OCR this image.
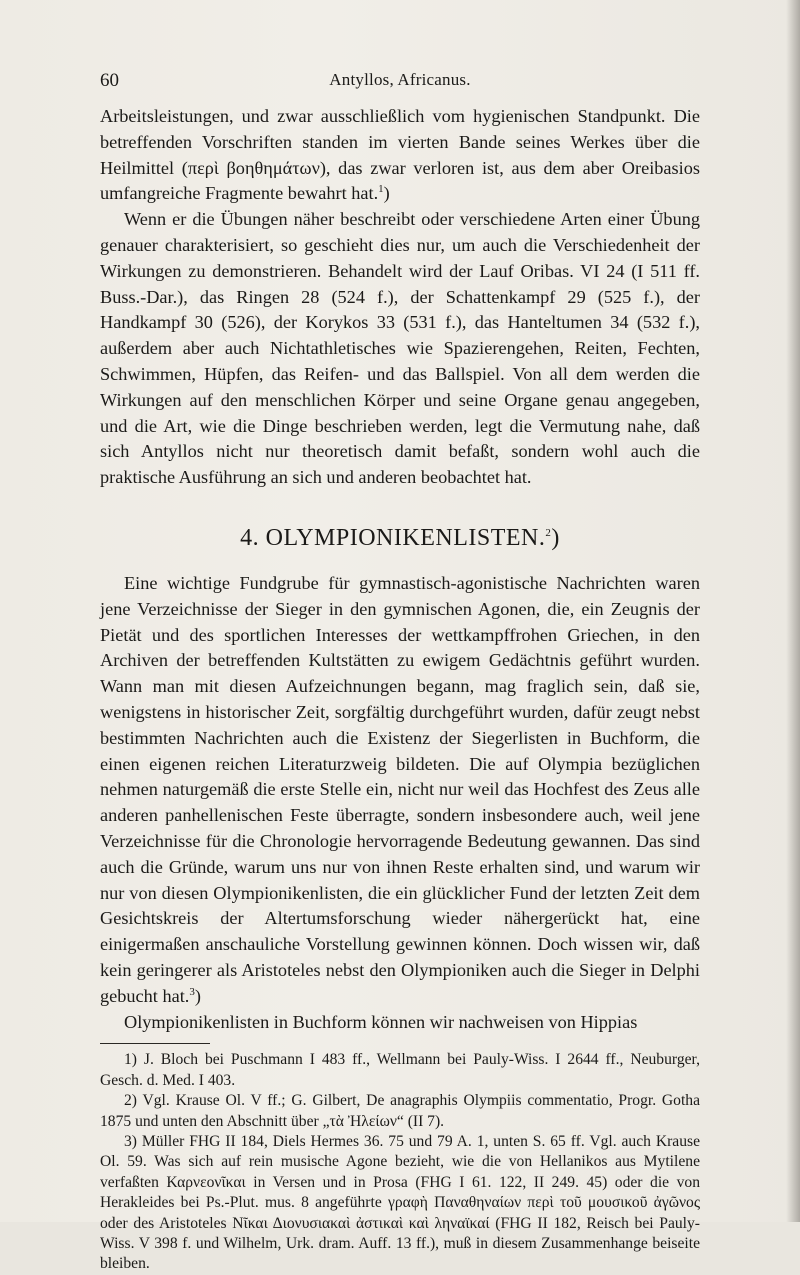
60	Antyllos, Africanus.

Arbeitsleistungen, und zwar ausschließlich vom hygienischen Standpunkt. Die betreffenden Vorschriften standen im vierten Bande seines Werkes über die Heilmittel (περὶ βοηθημάτων), das zwar verloren ist, aus dem aber Oreibasios umfangreiche Fragmente bewahrt hat.$^1$)

Wenn er die Übungen näher beschreibt oder verschiedene Arten einer Übung genauer charakterisiert, so geschieht dies nur, um auch die Verschiedenheit der Wirkungen zu demonstrieren. Behandelt wird der Lauf Oribas. VI 24 (I 511 ff. Buss.-Dar.), das Ringen 28 (524 f.), der Schattenkampf 29 (525 f.), der Handkampf 30 (526), der Korykos 33 (531 f.), das Hanteltumen 34 (532 f.), außerdem aber auch Nichtathletisches wie Spazierengehen, Reiten, Fechten, Schwimmen, Hüpfen, das Reifen- und das Ballspiel. Von all dem werden die Wirkungen auf den menschlichen Körper und seine Organe genau angegeben, und die Art, wie die Dinge beschrieben werden, legt die Vermutung nahe, daß sich Antyllos nicht nur theoretisch damit befaßt, sondern wohl auch die praktische Ausführung an sich und anderen beobachtet hat.

4. OLYMPIONIKENLISTEN.$^2$)

Eine wichtige Fundgrube für gymnastisch-agonistische Nachrichten waren jene Verzeichnisse der Sieger in den gymnischen Agonen, die, ein Zeugnis der Pietät und des sportlichen Interesses der wettkampffrohen Griechen, in den Archiven der betreffenden Kultstätten zu ewigem Gedächtnis geführt wurden. Wann man mit diesen Aufzeichnungen begann, mag fraglich sein, daß sie, wenigstens in historischer Zeit, sorgfältig durchgeführt wurden, dafür zeugt nebst bestimmten Nachrichten auch die Existenz der Siegerlisten in Buchform, die einen eigenen reichen Literaturzweig bildeten. Die auf Olympia bezüglichen nehmen naturgemäß die erste Stelle ein, nicht nur weil das Hochfest des Zeus alle anderen panhellenischen Feste überragte, sondern insbesondere auch, weil jene Verzeichnisse für die Chronologie hervorragende Bedeutung gewannen. Das sind auch die Gründe, warum uns nur von ihnen Reste erhalten sind, und warum wir nur von diesen Olympionikenlisten, die ein glücklicher Fund der letzten Zeit dem Gesichtskreis der Altertumsforschung wieder nähergerückt hat, eine einigermaßen anschauliche Vorstellung gewinnen können. Doch wissen wir, daß kein geringerer als Aristoteles nebst den Olympioniken auch die Sieger in Delphi gebucht hat.$^3$)

Olympionikenlisten in Buchform können wir nachweisen von Hippias

1) J. Bloch bei Puschmann I 483 ff., Wellmann bei Pauly-Wiss. I 2644 ff., Neuburger, Gesch. d. Med. I 403.

2) Vgl. Krause Ol. V ff.; G. Gilbert, De anagraphis Olympiis commentatio, Progr. Gotha 1875 und unten den Abschnitt über „τὰ Ἠλείων“ (II 7).

3) Müller FHG II 184, Diels Hermes 36. 75 und 79 A. 1, unten S. 65 ff. Vgl. auch Krause Ol. 59. Was sich auf rein musische Agone bezieht, wie die von Hellanikos aus Mytilene verfaßten Καρνεονῖκαι in Versen und in Prosa (FHG I 61. 122, II 249. 45) oder die von Herakleides bei Ps.-Plut. mus. 8 angeführte γραφὴ Παναθηναίων περὶ τοῦ μουσικοῦ ἀγῶνος oder des Aristoteles Νῖκαι Διονυσιακαὶ ἀστικαὶ καὶ ληναϊκαί (FHG II 182, Reisch bei Pauly-Wiss. V 398 f. und Wilhelm, Urk. dram. Auff. 13 ff.), muß in diesem Zusammenhange beiseite bleiben.
